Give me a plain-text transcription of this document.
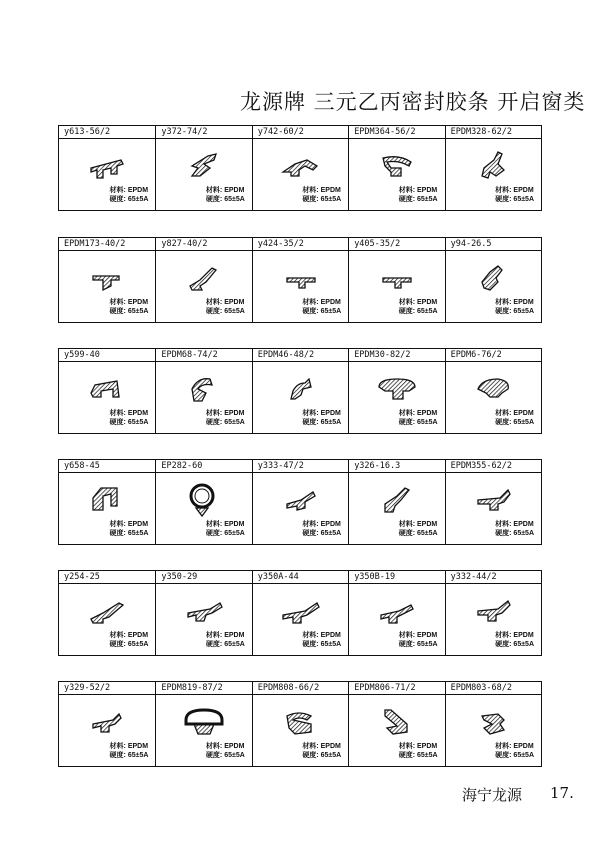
龙源牌 三元乙丙密封胶条 开启窗类
y613-56/2
材料: EPDM
硬度: 65±5A
y372-74/2
材料: EPDM
硬度: 65±5A
y742-60/2
材料: EPDM
硬度: 65±5A
EPDM364-56/2
材料: EPDM
硬度: 65±5A
EPDM328-62/2
材料: EPDM
硬度: 65±5A
EPDM173-40/2
材料: EPDM
硬度: 65±5A
y827-40/2
材料: EPDM
硬度: 65±5A
y424-35/2
材料: EPDM
硬度: 65±5A
y405-35/2
材料: EPDM
硬度: 65±5A
y94-26.5
材料: EPDM
硬度: 65±5A
y599-40
材料: EPDM
硬度: 65±5A
EPDM68-74/2
材料: EPDM
硬度: 65±5A
EPDM46-48/2
材料: EPDM
硬度: 65±5A
EPDM30-82/2
材料: EPDM
硬度: 65±5A
EPDM6-76/2
材料: EPDM
硬度: 65±5A
y658-45
材料: EPDM
硬度: 65±5A
EP282-60
材料: EPDM
硬度: 65±5A
y333-47/2
材料: EPDM
硬度: 65±5A
y326-16.3
材料: EPDM
硬度: 65±5A
EPDM355-62/2
材料: EPDM
硬度: 65±5A
y254-25
材料: EPDM
硬度: 65±5A
y350-29
材料: EPDM
硬度: 65±5A
y350A-44
材料: EPDM
硬度: 65±5A
y350B-19
材料: EPDM
硬度: 65±5A
y332-44/2
材料: EPDM
硬度: 65±5A
y329-52/2
材料: EPDM
硬度: 65±5A
EPDM819-87/2
材料: EPDM
硬度: 65±5A
EPDM808-66/2
材料: EPDM
硬度: 65±5A
EPDM806-71/2
材料: EPDM
硬度: 65±5A
EPDM803-68/2
材料: EPDM
硬度: 65±5A
海宁龙源 17.
